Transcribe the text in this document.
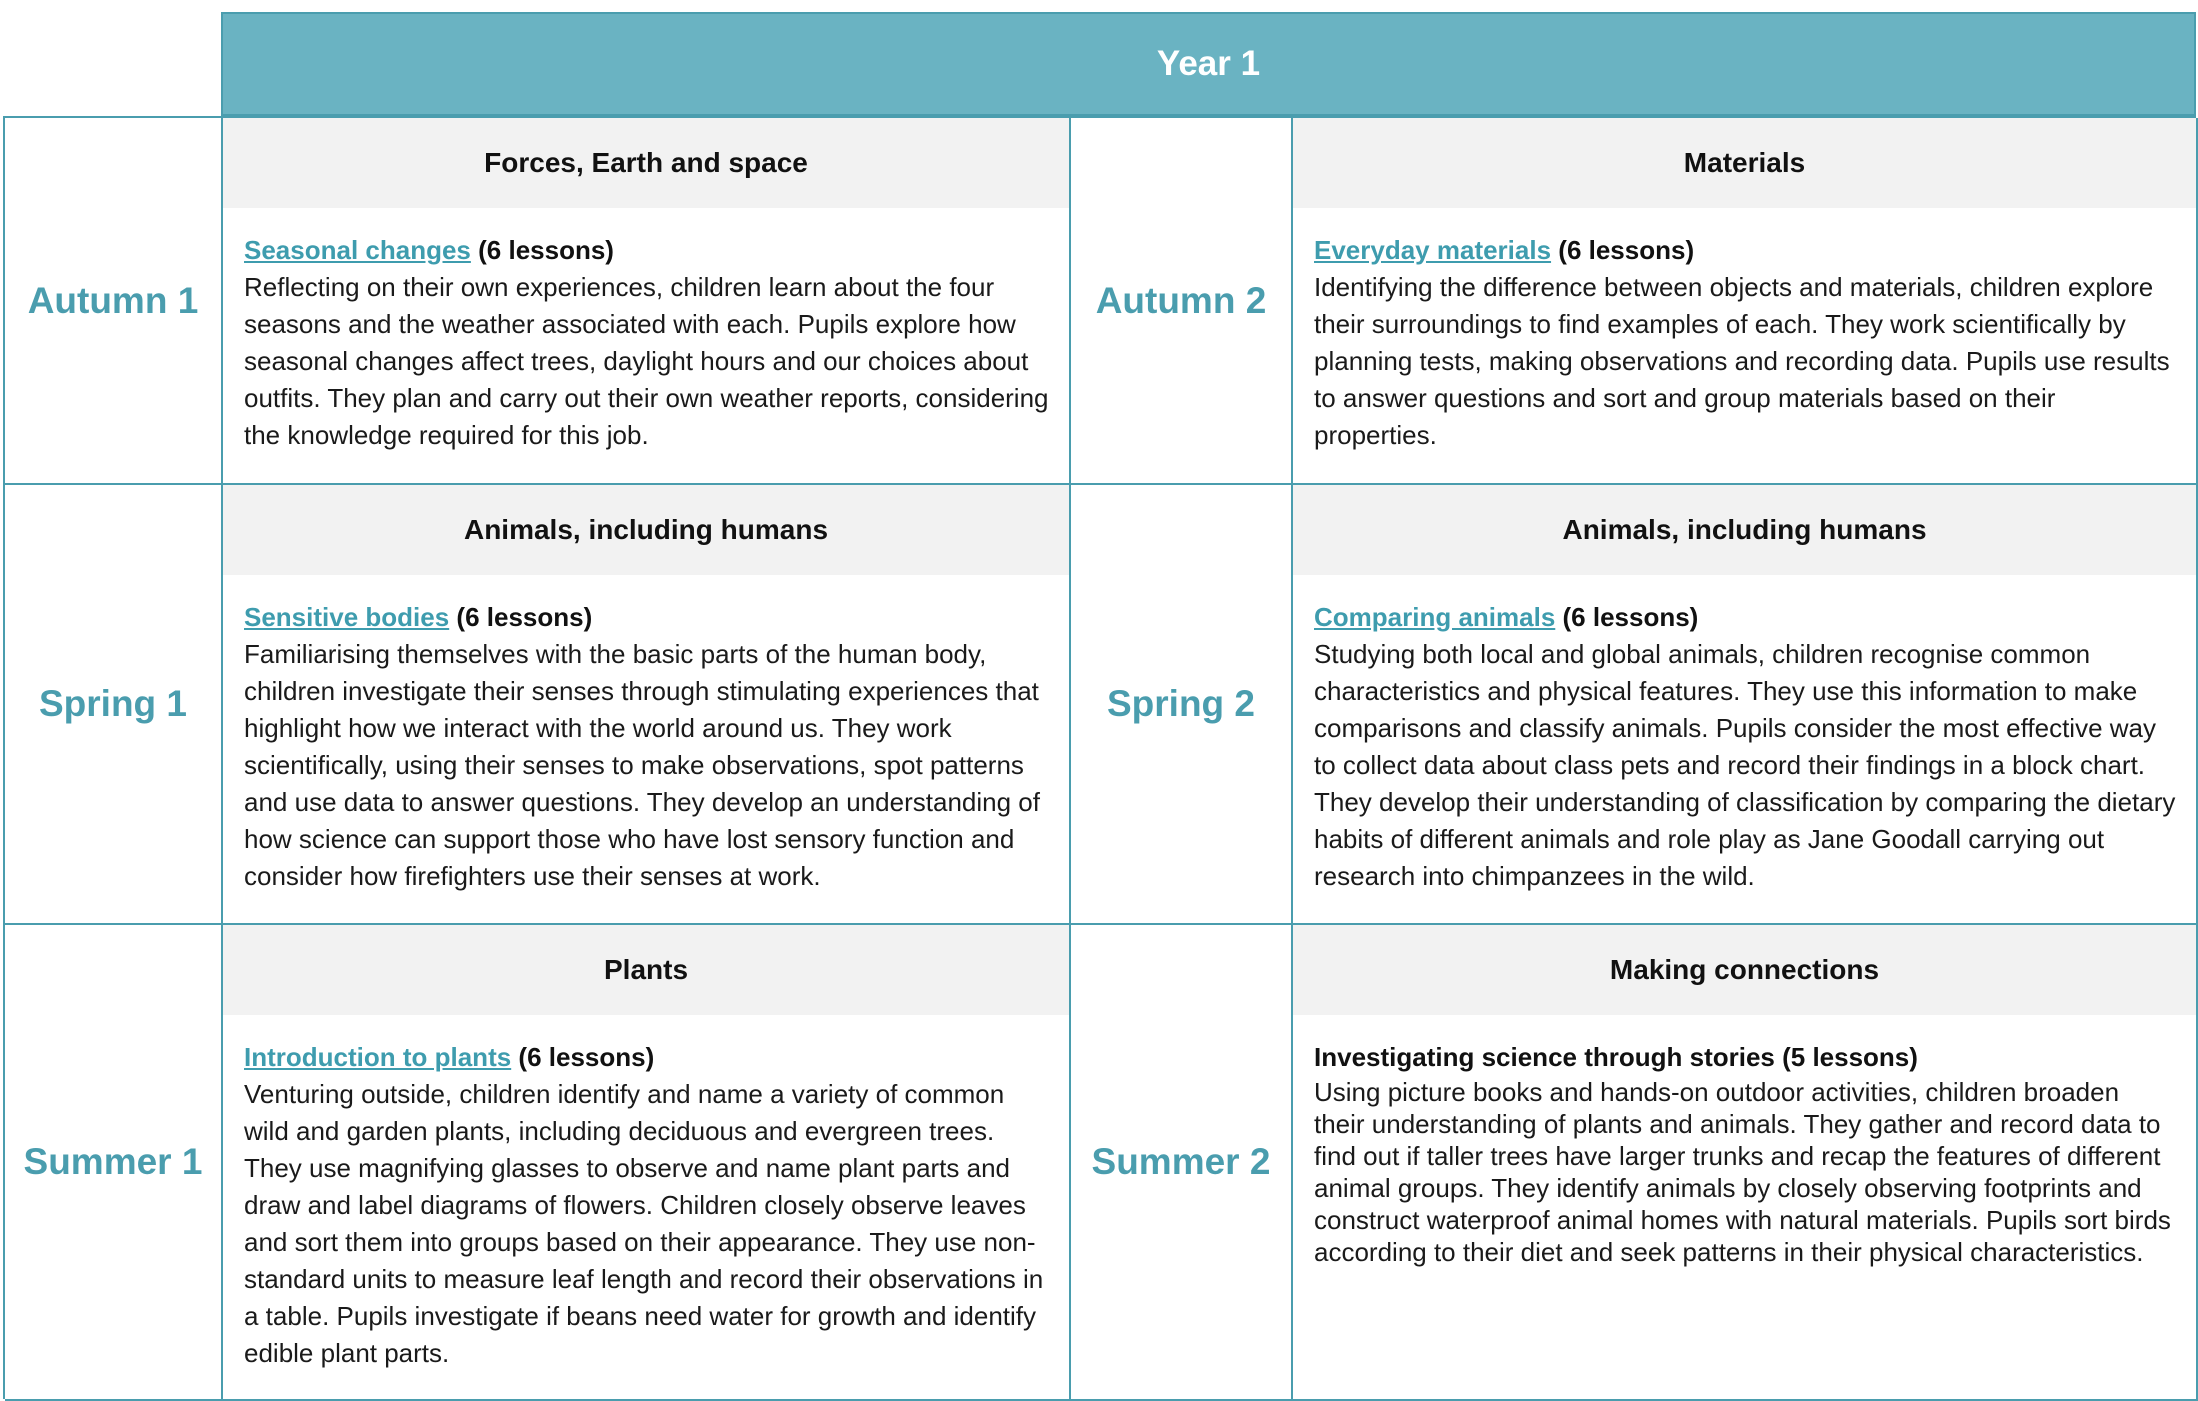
Year 1
Autumn 1
Forces, Earth and space
Seasonal changes (6 lessons)

Reflecting on their own experiences, children learn about the four seasons and the weather associated with each. Pupils explore how seasonal changes affect trees, daylight hours and our choices about outfits. They plan and carry out their own weather reports, considering the knowledge required for this job.

Autumn 2
Materials
Everyday materials (6 lessons)

Identifying the difference between objects and materials, children explore their surroundings to find examples of each. They work scientifically by planning tests, making observations and recording data. Pupils use results to answer questions and sort and group materials based on their properties.

Spring 1
Animals, including humans
Sensitive bodies (6 lessons)

Familiarising themselves with the basic parts of the human body, children investigate their senses through stimulating experiences that highlight how we interact with the world around us. They work scientifically, using their senses to make observations, spot patterns and use data to answer questions. They develop an understanding of how science can support those who have lost sensory function and consider how firefighters use their senses at work.

Spring 2
Animals, including humans
Comparing animals (6 lessons)

Studying both local and global animals, children recognise common characteristics and physical features. They use this information to make comparisons and classify animals. Pupils consider the most effective way to collect data about class pets and record their findings in a block chart. They develop their understanding of classification by comparing the dietary habits of different animals and role play as Jane Goodall carrying out research into chimpanzees in the wild.

Summer 1
Plants
Introduction to plants (6 lessons)

Venturing outside, children identify and name a variety of common wild and garden plants, including deciduous and evergreen trees. They use magnifying glasses to observe and name plant parts and draw and label diagrams of flowers. Children closely observe leaves and sort them into groups based on their appearance. They use non-standard units to measure leaf length and record their observations in a table. Pupils investigate if beans need water for growth and identify edible plant parts.

Summer 2
Making connections
Investigating science through stories (5 lessons)

Using picture books and hands-on outdoor activities, children broaden their understanding of plants and animals. They gather and record data to find out if taller trees have larger trunks and recap the features of different animal groups. They identify animals by closely observing footprints and construct waterproof animal homes with natural materials. Pupils sort birds according to their diet and seek patterns in their physical characteristics.
